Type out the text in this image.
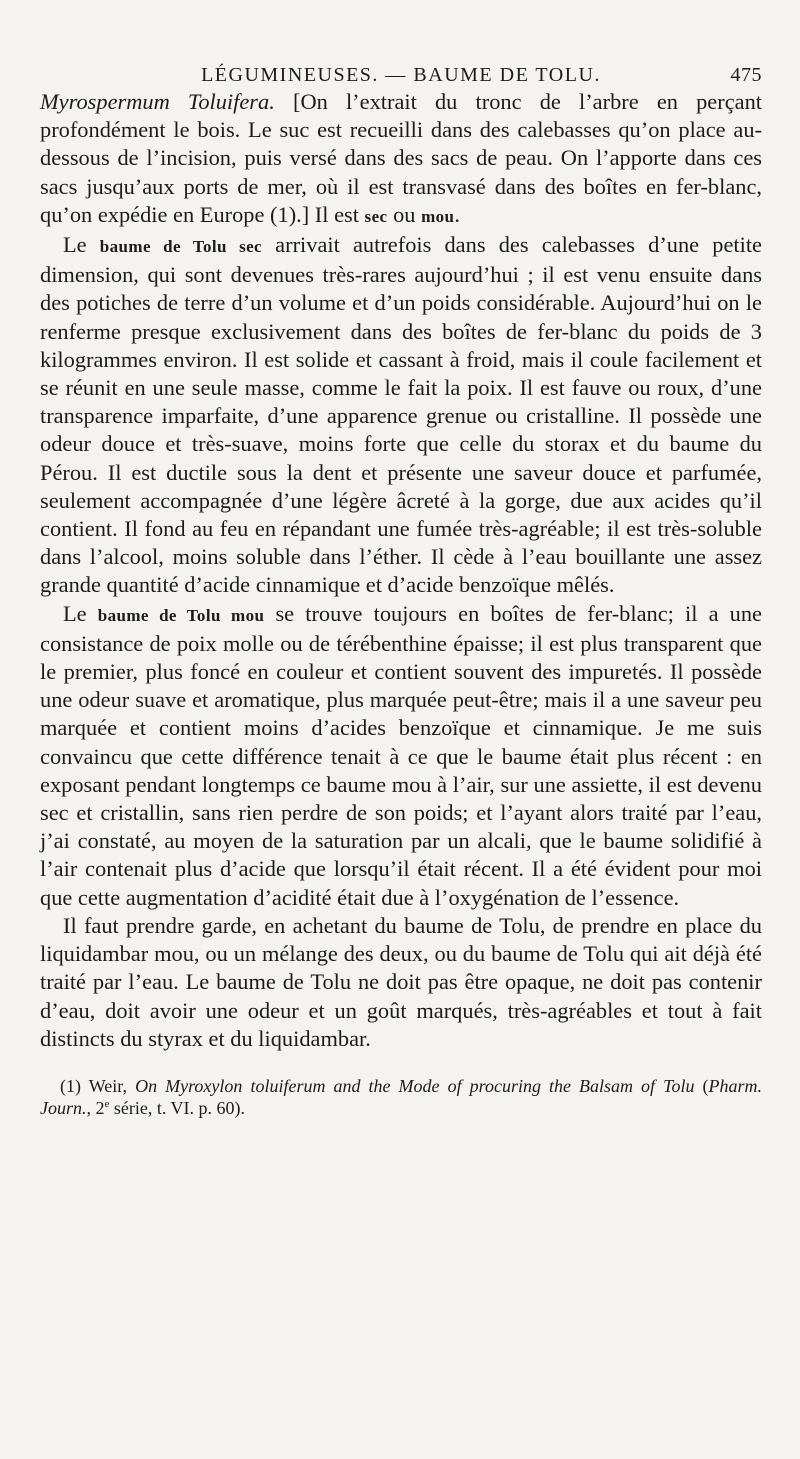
LÉGUMINEUSES. — BAUME DE TOLU.	475

Myrospermum Toluifera. [On l’extrait du tronc de l’arbre en perçant profondément le bois. Le suc est recueilli dans des calebasses qu’on place au-dessous de l’incision, puis versé dans des sacs de peau. On l’apporte dans ces sacs jusqu’aux ports de mer, où il est transvasé dans des boîtes en fer-blanc, qu’on expédie en Europe (1).] Il est sec ou mou.

Le baume de Tolu sec arrivait autrefois dans des calebasses d’une petite dimension, qui sont devenues très-rares aujourd’hui ; il est venu ensuite dans des potiches de terre d’un volume et d’un poids considérable. Aujourd’hui on le renferme presque exclusivement dans des boîtes de fer-blanc du poids de 3 kilogrammes environ. Il est solide et cassant à froid, mais il coule facilement et se réunit en une seule masse, comme le fait la poix. Il est fauve ou roux, d’une transparence imparfaite, d’une apparence grenue ou cristalline. Il possède une odeur douce et très-suave, moins forte que celle du storax et du baume du Pérou. Il est ductile sous la dent et présente une saveur douce et parfumée, seulement accompagnée d’une légère âcreté à la gorge, due aux acides qu’il contient. Il fond au feu en répandant une fumée très-agréable; il est très-soluble dans l’alcool, moins soluble dans l’éther. Il cède à l’eau bouillante une assez grande quantité d’acide cinnamique et d’acide benzoïque mêlés.

Le baume de Tolu mou se trouve toujours en boîtes de fer-blanc; il a une consistance de poix molle ou de térébenthine épaisse; il est plus transparent que le premier, plus foncé en couleur et contient souvent des impuretés. Il possède une odeur suave et aromatique, plus marquée peut-être; mais il a une saveur peu marquée et contient moins d’acides benzoïque et cinnamique. Je me suis convaincu que cette différence tenait à ce que le baume était plus récent : en exposant pendant longtemps ce baume mou à l’air, sur une assiette, il est devenu sec et cristallin, sans rien perdre de son poids; et l’ayant alors traité par l’eau, j’ai constaté, au moyen de la saturation par un alcali, que le baume solidifié à l’air contenait plus d’acide que lorsqu’il était récent. Il a été évident pour moi que cette augmentation d’acidité était due à l’oxygénation de l’essence.

Il faut prendre garde, en achetant du baume de Tolu, de prendre en place du liquidambar mou, ou un mélange des deux, ou du baume de Tolu qui ait déjà été traité par l’eau. Le baume de Tolu ne doit pas être opaque, ne doit pas contenir d’eau, doit avoir une odeur et un goût marqués, très-agréables et tout à fait distincts du styrax et du liquidambar.

(1) Weir, On Myroxylon toluiferum and the Mode of procuring the Balsam of Tolu (Pharm. Journ., 2e série, t. VI. p. 60).
